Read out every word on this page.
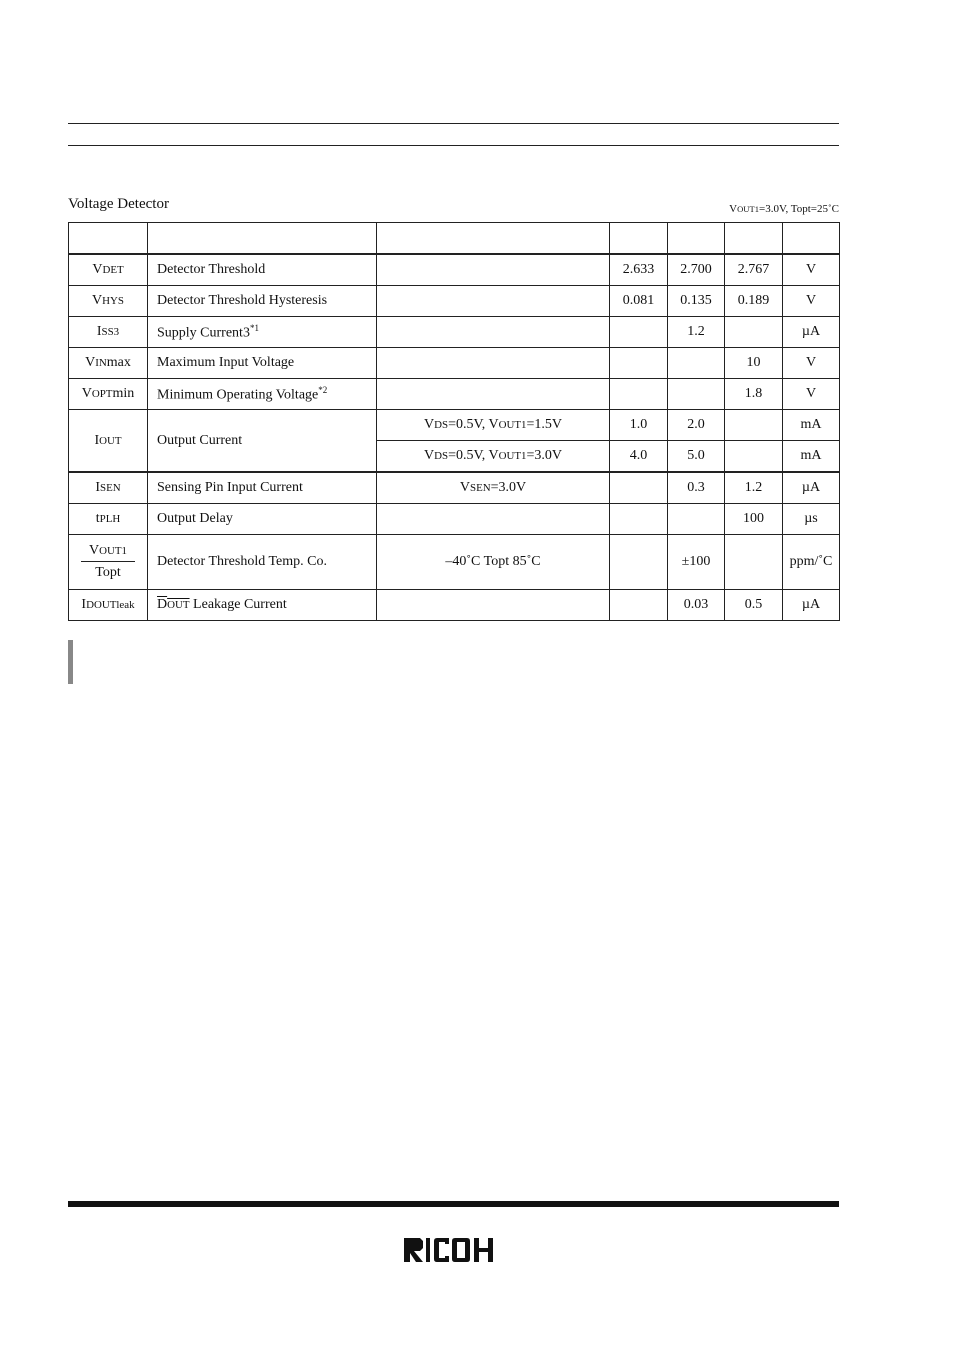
Voltage Detector	VOUT1=3.0V, Topt=25˚C

VDET	Detector Threshold		2.633	2.700	2.767	V
VHYS	Detector Threshold Hysteresis		0.081	0.135	0.189	V
ISS3	Supply Current3$^{*1}$			1.2		µA
VINmax	Maximum Input Voltage				10	V
VOPTmin	Minimum Operating Voltage$^{*2}$				1.8	V
IOUT	Output Current	VDS=0.5V, VOUT1=1.5V	1.0	2.0		mA
		VDS=0.5V, VOUT1=3.0V	4.0	5.0		mA
ISEN	Sensing Pin Input Current	VSEN=3.0V		0.3	1.2	µA
tPLH	Output Delay				100	µs

$\frac{\text{VOUT1}}{\text{Topt}}$	Detector Threshold Temp. Co.	–40˚C Topt 85˚C		±100		ppm/˚C
IDOUTleak	DOUT Leakage Current			0.03	0.5	µA
